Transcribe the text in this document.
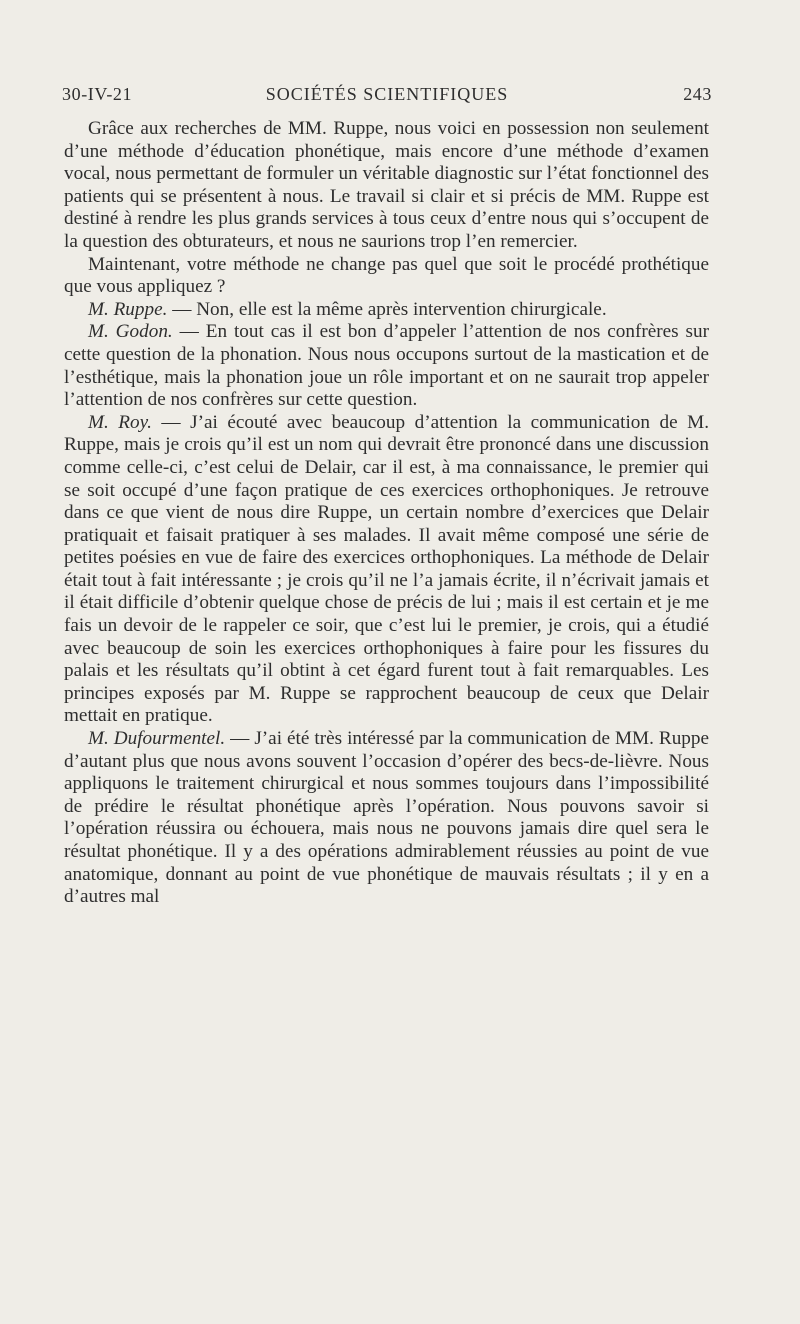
30-IV-21	SOCIÉTÉS SCIENTIFIQUES	243

Grâce aux recherches de MM. Ruppe, nous voici en possession non seulement d’une méthode d’éducation phonétique, mais encore d’une méthode d’examen vocal, nous permettant de formuler un véritable diagnostic sur l’état fonctionnel des patients qui se présentent à nous. Le travail si clair et si précis de MM. Ruppe est destiné à rendre les plus grands services à tous ceux d’entre nous qui s’occupent de la question des obturateurs, et nous ne saurions trop l’en remercier.

Maintenant, votre méthode ne change pas quel que soit le procédé prothétique que vous appliquez ?

M. Ruppe. — Non, elle est la même après intervention chirurgicale.

M. Godon. — En tout cas il est bon d’appeler l’attention de nos confrères sur cette question de la phonation. Nous nous occupons surtout de la mastication et de l’esthétique, mais la phonation joue un rôle important et on ne saurait trop appeler l’attention de nos confrères sur cette question.

M. Roy. — J’ai écouté avec beaucoup d’attention la communication de M. Ruppe, mais je crois qu’il est un nom qui devrait être prononcé dans une discussion comme celle-ci, c’est celui de Delair, car il est, à ma connaissance, le premier qui se soit occupé d’une façon pratique de ces exercices orthophoniques. Je retrouve dans ce que vient de nous dire Ruppe, un certain nombre d’exercices que Delair pratiquait et faisait pratiquer à ses malades. Il avait même composé une série de petites poésies en vue de faire des exercices orthophoniques. La méthode de Delair était tout à fait intéressante ; je crois qu’il ne l’a jamais écrite, il n’écrivait jamais et il était difficile d’obtenir quelque chose de précis de lui ; mais il est certain et je me fais un devoir de le rappeler ce soir, que c’est lui le premier, je crois, qui a étudié avec beaucoup de soin les exercices orthophoniques à faire pour les fissures du palais et les résultats qu’il obtint à cet égard furent tout à fait remarquables. Les principes exposés par M. Ruppe se rapprochent beaucoup de ceux que Delair mettait en pratique.

M. Dufourmentel. — J’ai été très intéressé par la communication de MM. Ruppe d’autant plus que nous avons souvent l’occasion d’opérer des becs-de-lièvre. Nous appliquons le traitement chirurgical et nous sommes toujours dans l’impossibilité de prédire le résultat phonétique après l’opération. Nous pouvons savoir si l’opération réussira ou échouera, mais nous ne pouvons jamais dire quel sera le résultat phonétique. Il y a des opérations admirablement réussies au point de vue anatomique, donnant au point de vue phonétique de mauvais résultats ; il y en a d’autres mal
